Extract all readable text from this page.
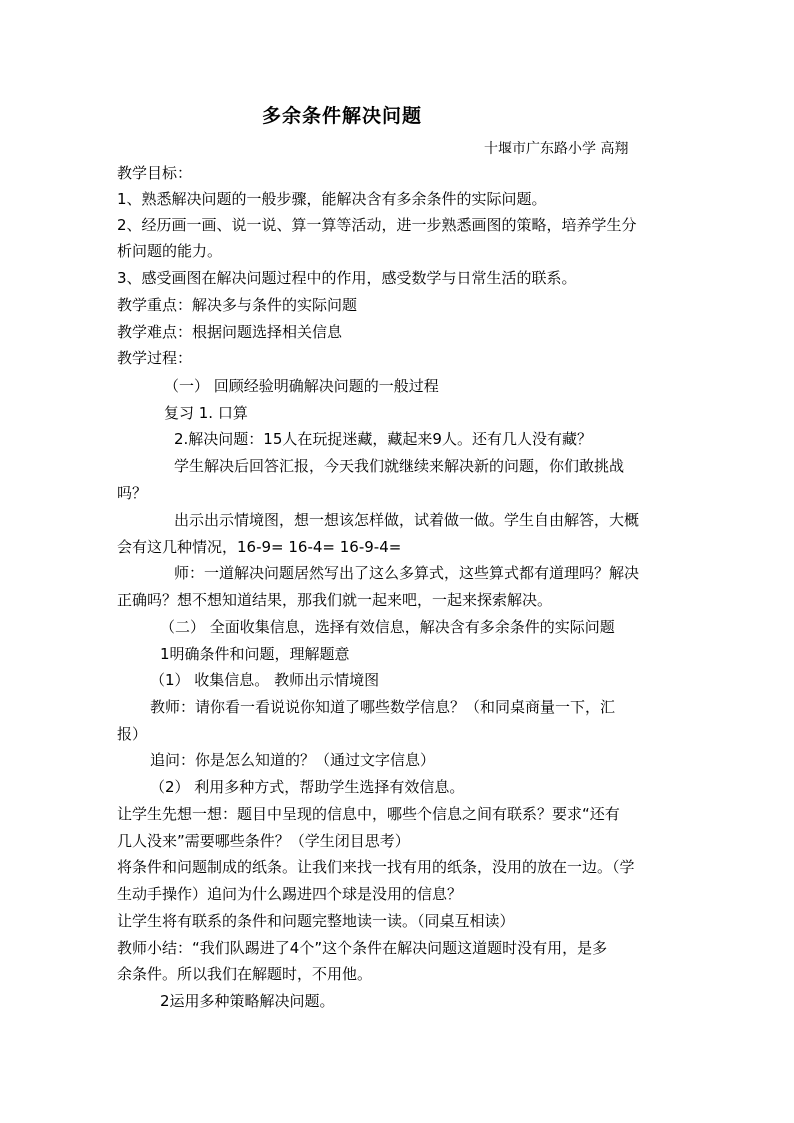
多余条件解决问题
十堰市广东路小学 高翔
教学目标：
1、熟悉解决问题的一般步骤，能解决含有多余条件的实际问题。
2、经历画一画、说一说、算一算等活动，进一步熟悉画图的策略，培养学生分
析问题的能力。
3、感受画图在解决问题过程中的作用，感受数学与日常生活的联系。
教学重点：解决多与条件的实际问题
教学难点：根据问题选择相关信息
教学过程：
（一） 回顾经验明确解决问题的一般过程
复习 1. 口算
2.解决问题：15人在玩捉迷藏，藏起来9人。还有几人没有藏？
学生解决后回答汇报，今天我们就继续来解决新的问题，你们敢挑战
吗？
出示出示情境图，想一想该怎样做，试着做一做。学生自由解答，大概
会有这几种情况，16-9= 16-4= 16-9-4=
师：一道解决问题居然写出了这么多算式，这些算式都有道理吗？解决
正确吗？想不想知道结果，那我们就一起来吧，一起来探索解决。
（二） 全面收集信息，选择有效信息，解决含有多余条件的实际问题
1明确条件和问题，理解题意
（1） 收集信息。 教师出示情境图
教师：请你看一看说说你知道了哪些数学信息？（和同桌商量一下，汇
报）
追问：你是怎么知道的？（通过文字信息）
（2） 利用多种方式，帮助学生选择有效信息。
让学生先想一想：题目中呈现的信息中，哪些个信息之间有联系？要求“还有
几人没来”需要哪些条件？（学生闭目思考）
将条件和问题制成的纸条。让我们来找一找有用的纸条，没用的放在一边。（学
生动手操作）追问为什么踢进四个球是没用的信息？
让学生将有联系的条件和问题完整地读一读。（同桌互相读）
教师小结：“我们队踢进了4个”这个条件在解决问题这道题时没有用，是多
余条件。所以我们在解题时，不用他。
2运用多种策略解决问题。
